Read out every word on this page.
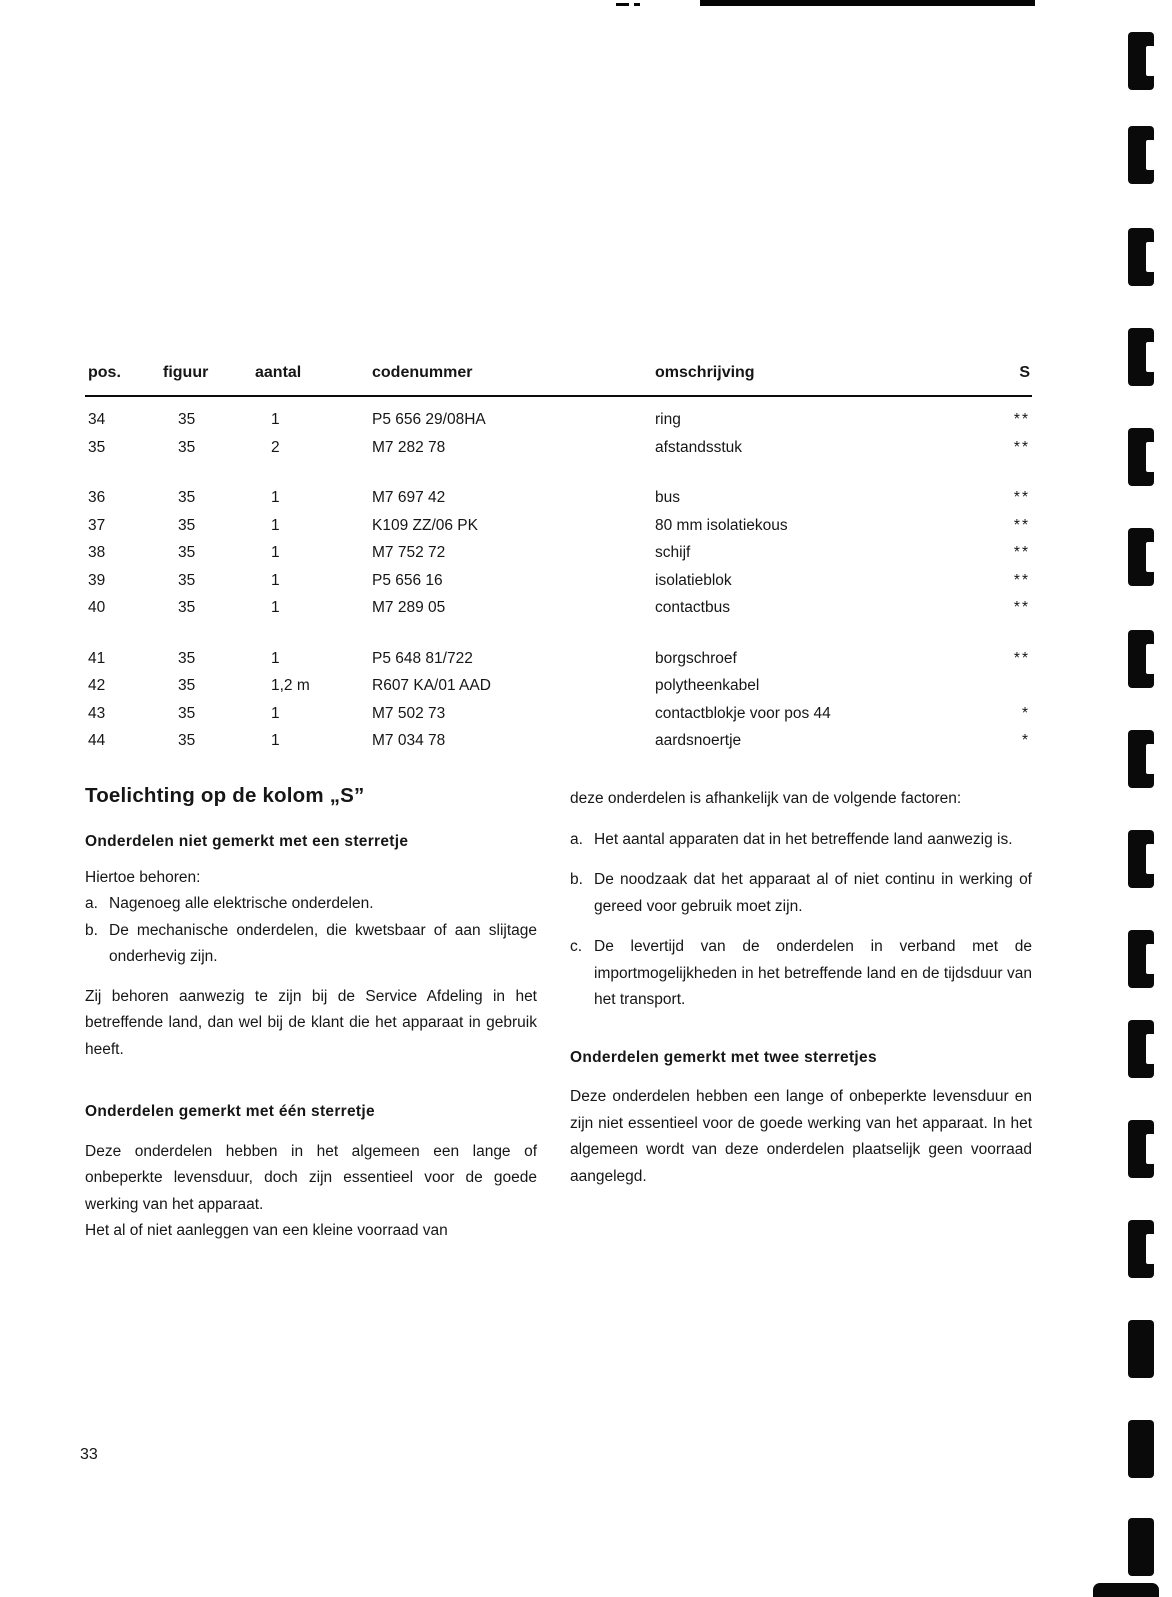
pos.	figuur	aantal	codenummer	omschrijving	S
34	35	1	P5 656 29/08HA	ring	**
35	35	2	M7 282 78	afstandsstuk	**
36	35	1	M7 697 42	bus	**
37	35	1	K109 ZZ/06 PK	80 mm isolatiekous	**
38	35	1	M7 752 72	schijf	**
39	35	1	P5 656 16	isolatieblok	**
40	35	1	M7 289 05	contactbus	**
41	35	1	P5 648 81/722	borgschroef	**
42	35	1,2 m	R607 KA/01 AAD	polytheenkabel
43	35	1	M7 502 73	contactblokje voor pos 44	*
44	35	1	M7 034 78	aardsnoertje	*
Toelichting op de kolom „S”

Onderdelen niet gemerkt met een sterretje

Hiertoe behoren:

a. Nagenoeg alle elektrische onderdelen.
b. De mechanische onderdelen, die kwetsbaar of aan slijtage onderhevig zijn.

Zij behoren aanwezig te zijn bij de Service Afdeling in het betreffende land, dan wel bij de klant die het apparaat in gebruik heeft.

Onderdelen gemerkt met één sterretje

Deze onderdelen hebben in het algemeen een lange of onbeperkte levensduur, doch zijn essentieel voor de goede werking van het apparaat.

Het al of niet aanleggen van een kleine voorraad van

deze onderdelen is afhankelijk van de volgende factoren:

a. Het aantal apparaten dat in het betreffende land aanwezig is.
b. De noodzaak dat het apparaat al of niet continu in werking of gereed voor gebruik moet zijn.
c. De levertijd van de onderdelen in verband met de importmogelijkheden in het betreffende land en de tijdsduur van het transport.

Onderdelen gemerkt met twee sterretjes

Deze onderdelen hebben een lange of onbeperkte levensduur en zijn niet essentieel voor de goede werking van het apparaat. In het algemeen wordt van deze onderdelen plaatselijk geen voorraad aangelegd.

33
